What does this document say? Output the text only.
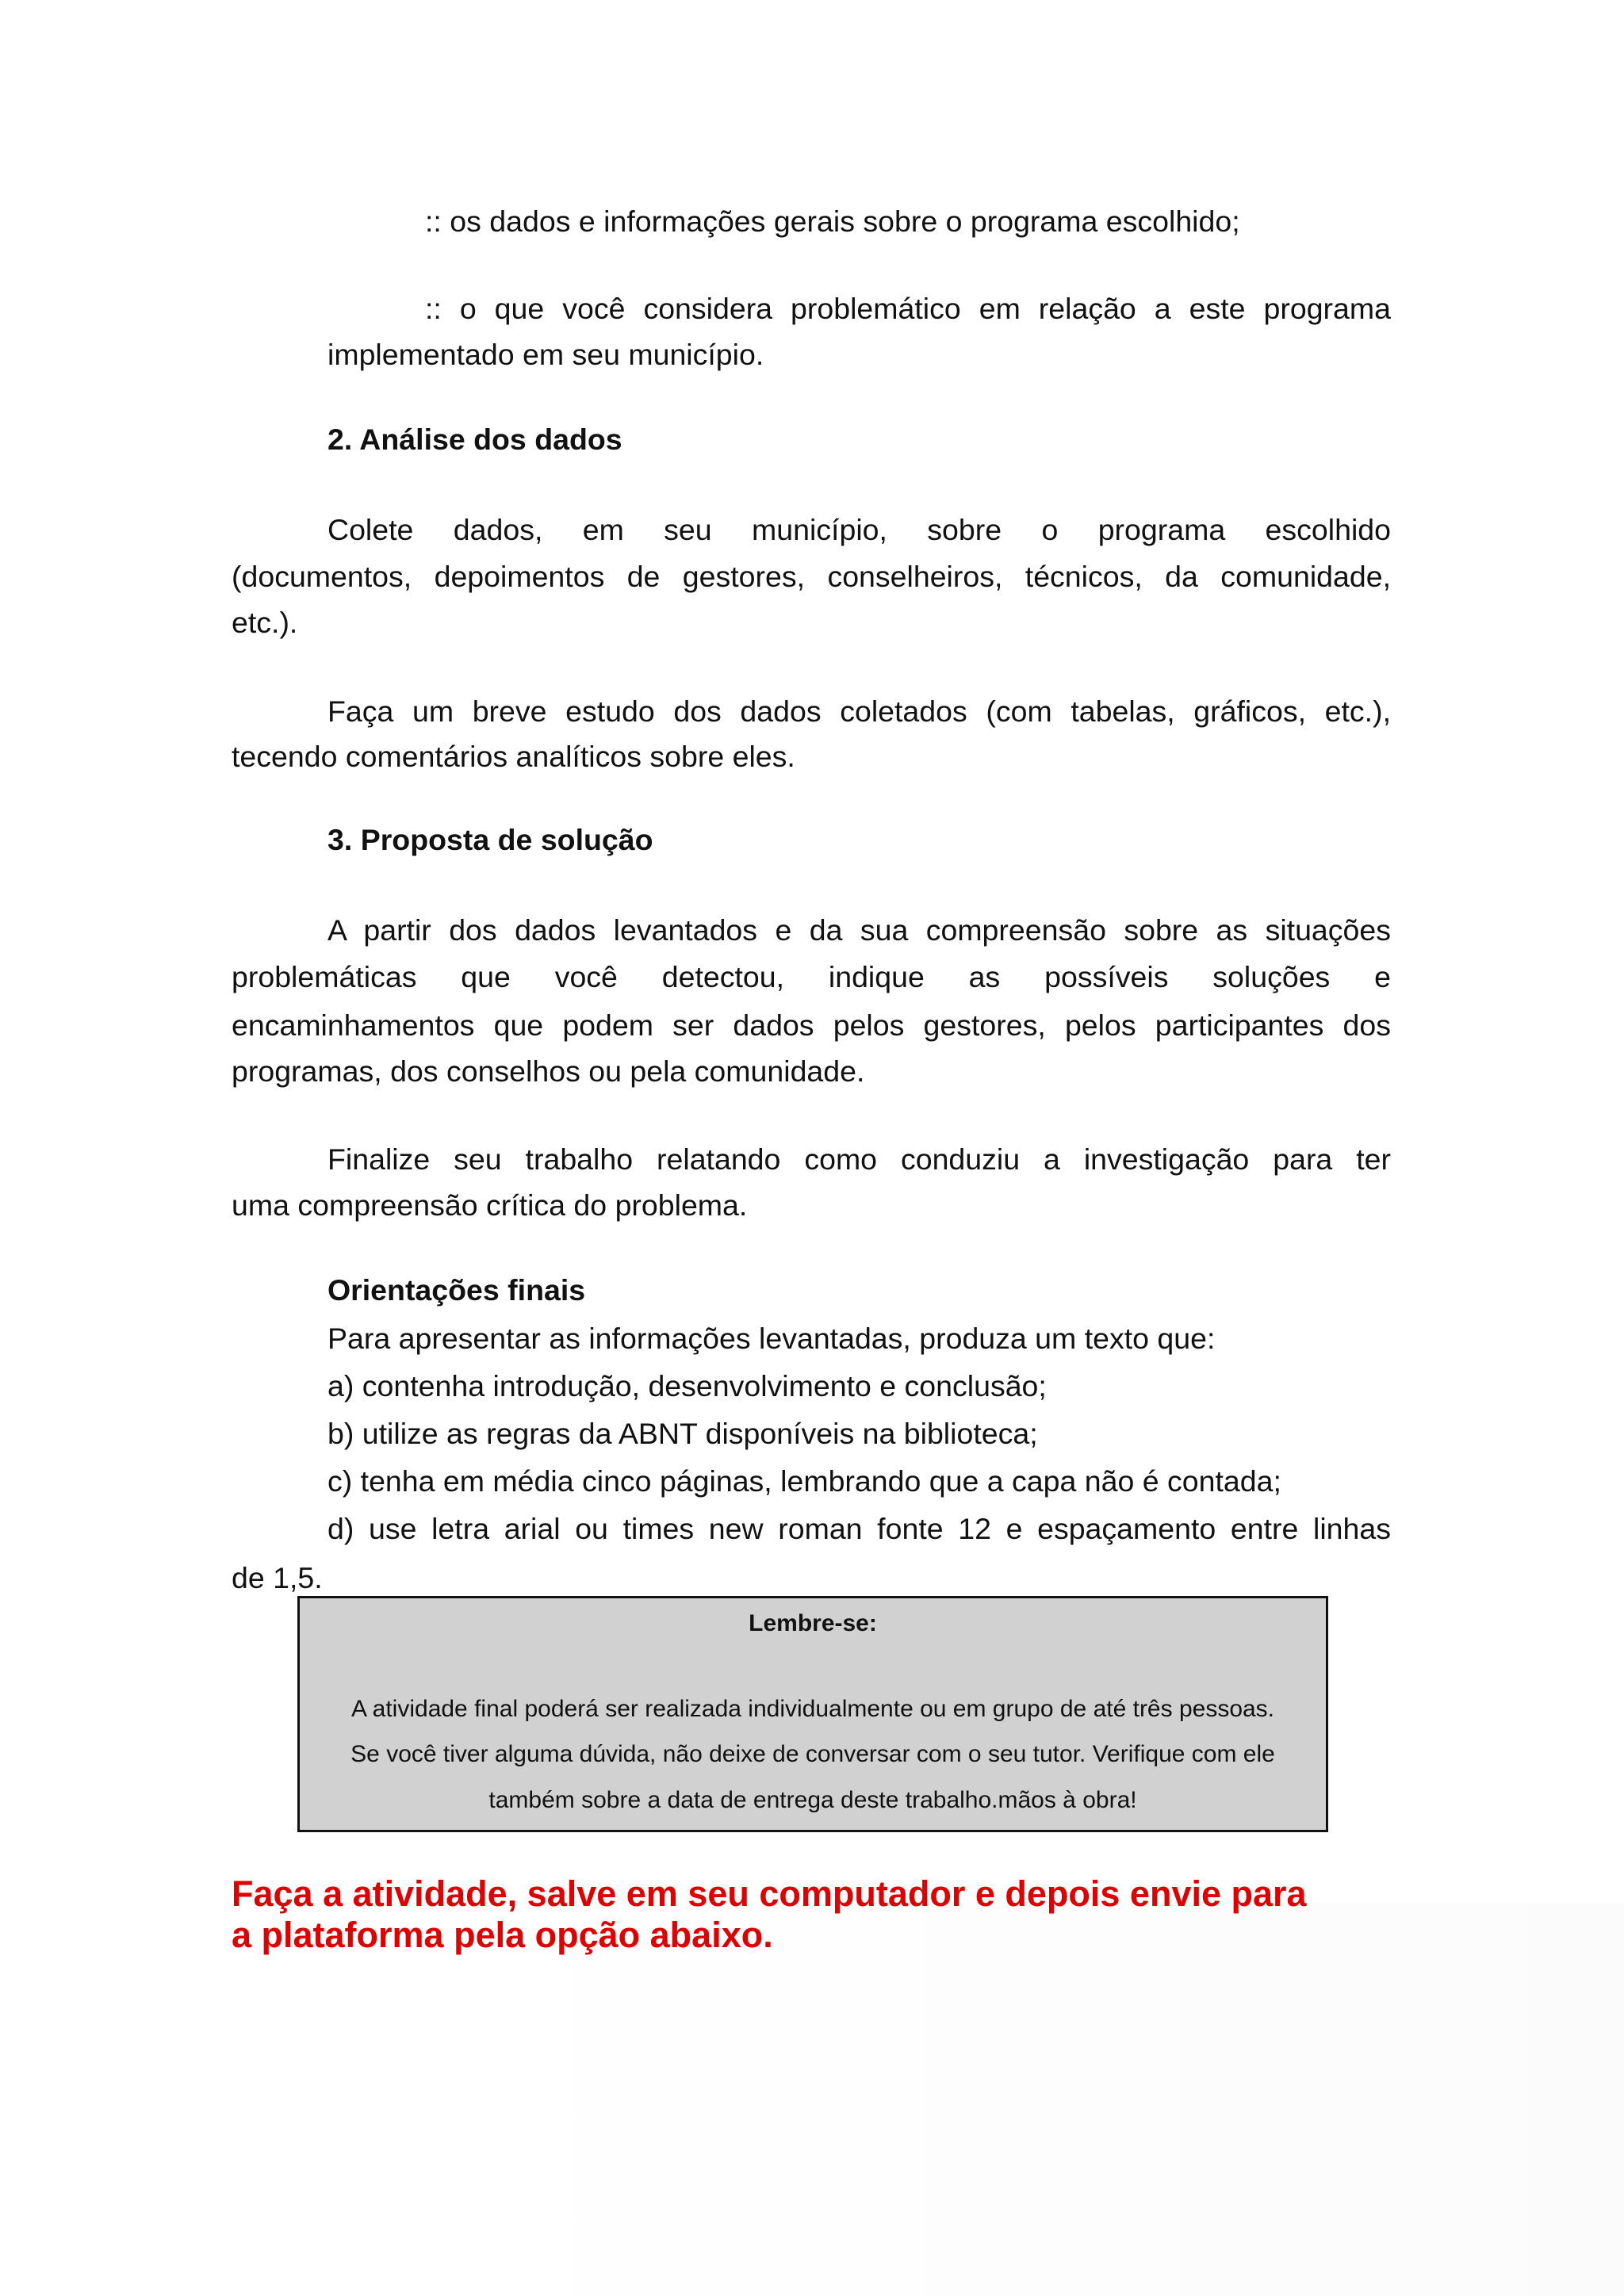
:: os dados e informações gerais sobre o programa escolhido;

:: o que você considera problemático em relação a este programa

implementado em seu município.

2. Análise dos dados

Colete dados, em seu município, sobre o programa escolhido

(documentos, depoimentos de gestores, conselheiros, técnicos, da comunidade,

etc.).

Faça um breve estudo dos dados coletados (com tabelas, gráficos, etc.),

tecendo comentários analíticos sobre eles.

3. Proposta de solução

A partir dos dados levantados e da sua compreensão sobre as situações

problemáticas que você detectou, indique as possíveis soluções e

encaminhamentos que podem ser dados pelos gestores, pelos participantes dos

programas, dos conselhos ou pela comunidade.

Finalize seu trabalho relatando como conduziu a investigação para ter

uma compreensão crítica do problema.

Orientações finais

Para apresentar as informações levantadas, produza um texto que:

a) contenha introdução, desenvolvimento e conclusão;

b) utilize as regras da ABNT disponíveis na biblioteca;

c) tenha em média cinco páginas, lembrando que a capa não é contada;

d) use letra arial ou times new roman fonte 12 e espaçamento entre linhas

de 1,5.

Lembre-se:

A atividade final poderá ser realizada individualmente ou em grupo de até três pessoas.

Se você tiver alguma dúvida, não deixe de conversar com o seu tutor. Verifique com ele

também sobre a data de entrega deste trabalho.mãos à obra!

Faça a atividade, salve em seu computador e depois envie para

a plataforma pela opção abaixo.
